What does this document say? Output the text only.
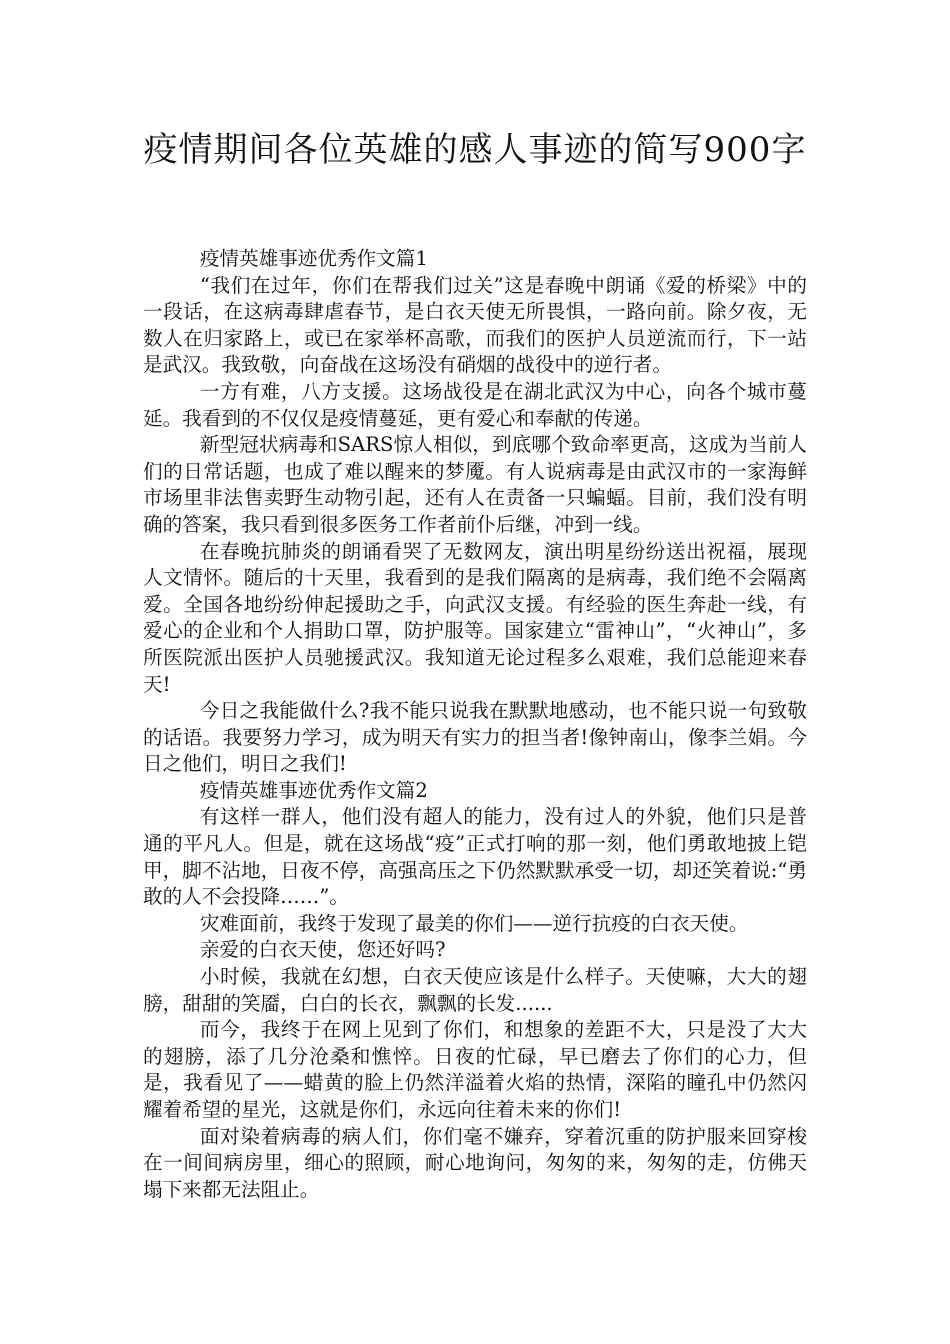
疫情期间各位英雄的感人事迹的简写900字

疫情英雄事迹优秀作文篇1

“我们在过年，你们在帮我们过关”这是春晚中朗诵《爱的桥梁》中的一段话，在这病毒肆虐春节，是白衣天使无所畏惧，一路向前。除夕夜，无数人在归家路上，或已在家举杯高歌，而我们的医护人员逆流而行，下一站是武汉。我致敬，向奋战在这场没有硝烟的战役中的逆行者。

一方有难，八方支援。这场战役是在湖北武汉为中心，向各个城市蔓延。我看到的不仅仅是疫情蔓延，更有爱心和奉献的传递。

新型冠状病毒和SARS惊人相似，到底哪个致命率更高，这成为当前人们的日常话题，也成了难以醒来的梦魇。有人说病毒是由武汉市的一家海鲜市场里非法售卖野生动物引起，还有人在责备一只蝙蝠。目前，我们没有明确的答案，我只看到很多医务工作者前仆后继，冲到一线。

在春晚抗肺炎的朗诵看哭了无数网友，演出明星纷纷送出祝福，展现人文情怀。随后的十天里，我看到的是我们隔离的是病毒，我们绝不会隔离爱。全国各地纷纷伸起援助之手，向武汉支援。有经验的医生奔赴一线，有爱心的企业和个人捐助口罩，防护服等。国家建立“雷神山”，“火神山”，多所医院派出医护人员驰援武汉。我知道无论过程多么艰难，我们总能迎来春天!

今日之我能做什么?我不能只说我在默默地感动，也不能只说一句致敬的话语。我要努力学习，成为明天有实力的担当者!像钟南山，像李兰娟。今日之他们，明日之我们!

疫情英雄事迹优秀作文篇2

有这样一群人，他们没有超人的能力，没有过人的外貌，他们只是普通的平凡人。但是，就在这场战“疫”正式打响的那一刻，他们勇敢地披上铠甲，脚不沾地，日夜不停，高强高压之下仍然默默承受一切，却还笑着说:“勇敢的人不会投降……”。

灾难面前，我终于发现了最美的你们——逆行抗疫的白衣天使。

亲爱的白衣天使，您还好吗?

小时候，我就在幻想，白衣天使应该是什么样子。天使嘛，大大的翅膀，甜甜的笑靥，白白的长衣，飘飘的长发......

而今，我终于在网上见到了你们，和想象的差距不大，只是没了大大的翅膀，添了几分沧桑和憔悴。日夜的忙碌，早已磨去了你们的心力，但是，我看见了——蜡黄的脸上仍然洋溢着火焰的热情，深陷的瞳孔中仍然闪耀着希望的星光，这就是你们，永远向往着未来的你们!

面对染着病毒的病人们，你们毫不嫌弃，穿着沉重的防护服来回穿梭在一间间病房里，细心的照顾，耐心地询问，匆匆的来，匆匆的走，仿佛天塌下来都无法阻止。
